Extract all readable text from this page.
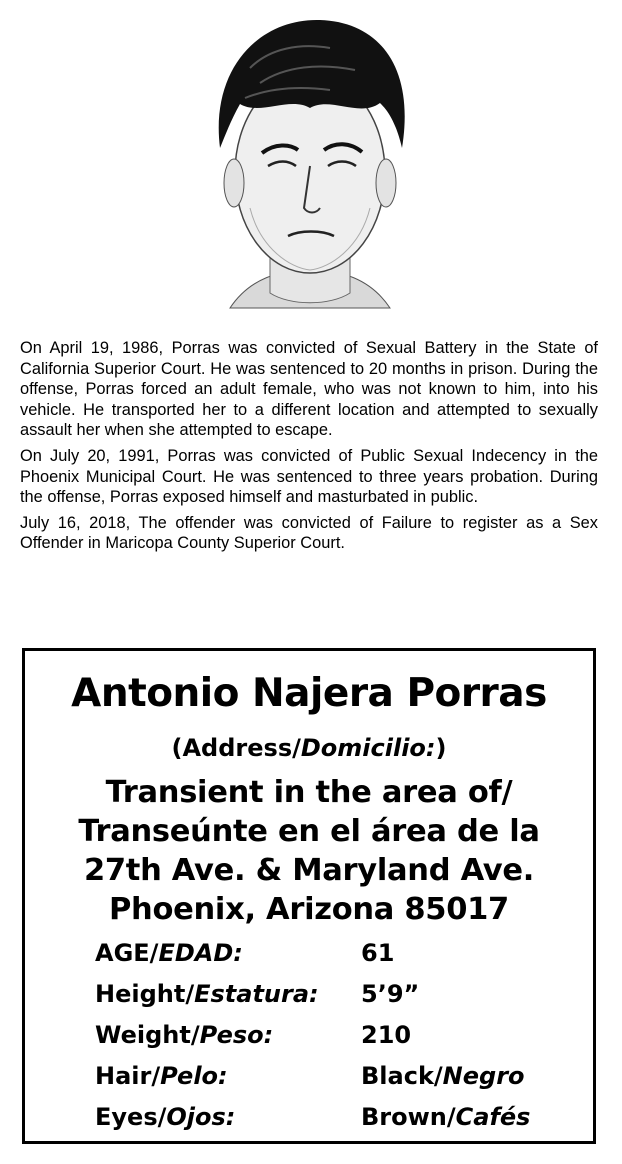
On April 19, 1986, Porras was convicted of Sexual Battery in the State of California Superior Court. He was sentenced to 20 months in prison. During the offense, Porras forced an adult female, who was not known to him, into his vehicle. He transported her to a different location and attempted to sexually assault her when she attempted to escape.

On July 20, 1991, Porras was convicted of Public Sexual Indecency in the Phoenix Municipal Court. He was sentenced to three years probation. During the offense, Porras exposed himself and masturbated in public.

July 16, 2018, The offender was convicted of Failure to register as a Sex Offender in Maricopa County Superior Court.

Antonio Najera Porras
(Address/Domicilio:)
Transient in the area of/
Transeúnte en el área de la
27th Ave. & Maryland Ave.
Phoenix, Arizona 85017
AGE/EDAD:	61
Height/Estatura: 5’9”
Weight/Peso:	210
Hair/Pelo:	Black/Negro
Eyes/Ojos:	Brown/Cafés
